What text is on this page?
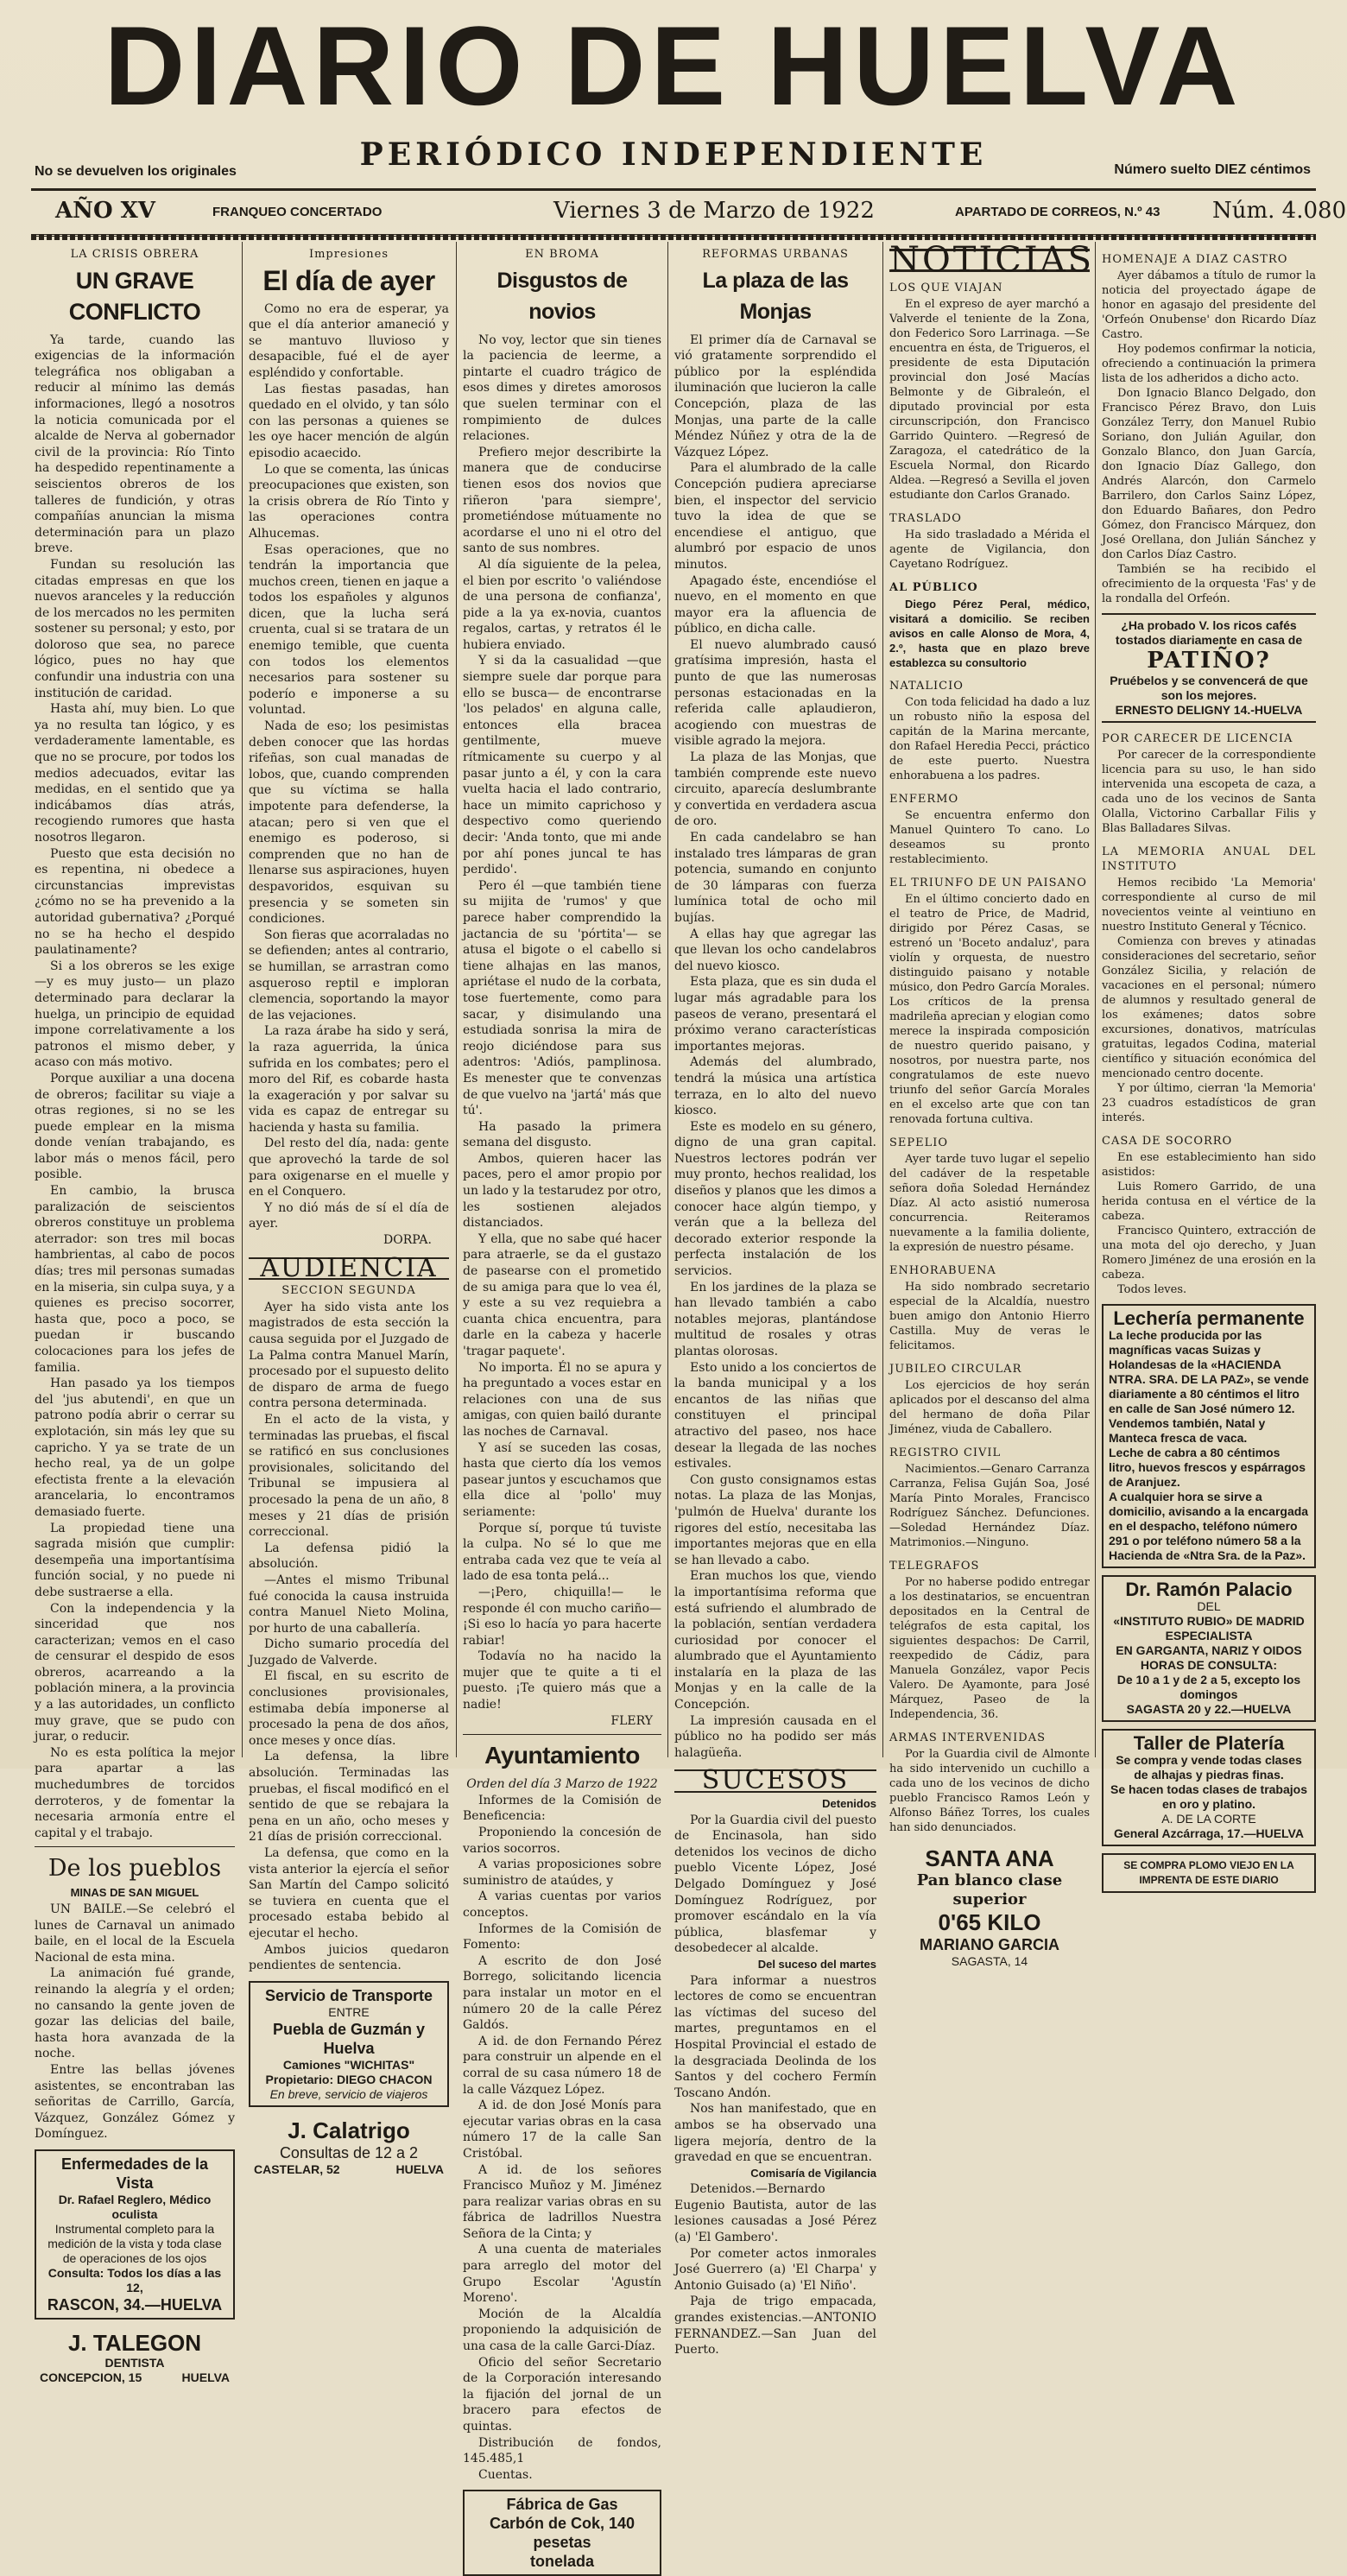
DIARIO DE HUELVA
PERIÓDICO INDEPENDIENTE
No se devuelven los originales	Número suelto DIEZ céntimos
AÑO XV	FRANQUEO CONCERTADO	Viernes 3 de Marzo de 1922	APARTADO DE CORREOS, N.º 43 Núm. 4.080
LA CRISIS OBRERA
UN GRAVE CONFLICTO

Ya tarde, cuando las exigencias de la información telegráfica nos obligaban a reducir al mínimo las demás informaciones, llegó a nosotros la noticia comunicada por el alcalde de Nerva al gobernador civil de la provincia: Río Tinto ha despedido repentinamente a seiscientos obreros de los talleres de fundición, y otras compañías anuncian la misma determinación para un plazo breve.

Fundan su resolución las citadas empresas en que los nuevos aranceles y la reducción de los mercados no les permiten sostener su personal; y esto, por doloroso que sea, no parece lógico, pues no hay que confundir una industria con una institución de caridad.

Hasta ahí, muy bien. Lo que ya no resulta tan lógico, y es verdaderamente lamentable, es que no se procure, por todos los medios adecuados, evitar las medidas, en el sentido que ya indicábamos días atrás, recogiendo rumores que hasta nosotros llegaron.

Puesto que esta decisión no es repentina, ni obedece a circunstancias imprevistas ¿cómo no se ha prevenido a la autoridad gubernativa? ¿Porqué no se ha hecho el despido paulatinamente?

Si a los obreros se les exige —y es muy justo— un plazo determinado para declarar la huelga, un principio de equidad impone correlativamente a los patronos el mismo deber, y acaso con más motivo.

Porque auxiliar a una docena de obreros; facilitar su viaje a otras regiones, si no se les puede emplear en la misma donde venían trabajando, es labor más o menos fácil, pero posible.

En cambio, la brusca paralización de seiscientos obreros constituye un problema aterrador: son tres mil bocas hambrientas, al cabo de pocos días; tres mil personas sumadas en la miseria, sin culpa suya, y a quienes es preciso socorrer, hasta que, poco a poco, se puedan ir buscando colocaciones para los jefes de familia.

Han pasado ya los tiempos del 'jus abutendi', en que un patrono podía abrir o cerrar su explotación, sin más ley que su capricho. Y ya se trate de un hecho real, ya de un golpe efectista frente a la elevación arancelaria, lo encontramos demasiado fuerte.

La propiedad tiene una sagrada misión que cumplir: desempeña una importantísima función social, y no puede ni debe sustraerse a ella.

Con la independencia y la sinceridad que nos caracterizan; vemos en el caso de censurar el despido de esos obreros, acarreando a la población minera, a la provincia y a las autoridades, un conflicto muy grave, que se pudo con jurar, o reducir.

No es esta política la mejor para apartar a las muchedumbres de torcidos derroteros, y de fomentar la necesaria armonía entre el capital y el trabajo.

De los pueblos
MINAS DE SAN MIGUEL

UN BAILE.—Se celebró el lunes de Carnaval un animado baile, en el local de la Escuela Nacional de esta mina.

La animación fué grande, reinando la alegría y el orden; no cansando la gente joven de gozar las delicias del baile, hasta hora avanzada de la noche.

Entre las bellas jóvenes asistentes, se encontraban las señoritas de Carrillo, García, Vázquez, González Gómez y Domínguez.

Enfermedades de la Vista
Dr. Rafael Reglero, Médico oculista
Instrumental completo para la medición de la vista y toda clase de operaciones de los ojos
Consulta: Todos los días a las 12,
RASCON, 34.—HUELVA
J. TALEGON
DENTISTA
CONCEPCION, 15	HUELVA
Impresiones
El día de ayer

Como no era de esperar, ya que el día anterior amaneció y se mantuvo lluvioso y desapacible, fué el de ayer espléndido y confortable.

Las fiestas pasadas, han quedado en el olvido, y tan sólo con las personas a quienes se les oye hacer mención de algún episodio acaecido.

Lo que se comenta, las únicas preocupaciones que existen, son la crisis obrera de Río Tinto y las operaciones contra Alhucemas.

Esas operaciones, que no tendrán la importancia que muchos creen, tienen en jaque a todos los españoles y algunos dicen, que la lucha será cruenta, cual si se tratara de un enemigo temible, que cuenta con todos los elementos necesarios para sostener su poderío e imponerse a su voluntad.

Nada de eso; los pesimistas deben conocer que las hordas rifeñas, son cual manadas de lobos, que, cuando comprenden que su víctima se halla impotente para defenderse, la atacan; pero si ven que el enemigo es poderoso, si comprenden que no han de llenarse sus aspiraciones, huyen despavoridos, esquivan su presencia y se someten sin condiciones.

Son fieras que acorraladas no se defienden; antes al contrario, se humillan, se arrastran como asqueroso reptil e imploran clemencia, soportando la mayor de las vejaciones.

La raza árabe ha sido y será, la raza aguerrida, la única sufrida en los combates; pero el moro del Rif, es cobarde hasta la exageración y por salvar su vida es capaz de entregar su hacienda y hasta su familia.

Del resto del día, nada: gente que aprovechó la tarde de sol para oxigenarse en el muelle y en el Conquero.

Y no dió más de sí el día de ayer.

DORPA.
AUDIENCIA
SECCION SEGUNDA

Ayer ha sido vista ante los magistrados de esta sección la causa seguida por el Juzgado de La Palma contra Manuel Marín, procesado por el supuesto delito de disparo de arma de fuego contra persona determinada.

En el acto de la vista, y terminadas las pruebas, el fiscal se ratificó en sus conclusiones provisionales, solicitando del Tribunal se impusiera al procesado la pena de un año, 8 meses y 21 días de prisión correccional.

La defensa pidió la absolución.

—Antes el mismo Tribunal fué conocida la causa instruida contra Manuel Nieto Molina, por hurto de una caballería.

Dicho sumario procedía del Juzgado de Valverde.

El fiscal, en su escrito de conclusiones provisionales, estimaba debía imponerse al procesado la pena de dos años, once meses y once días.

La defensa, la libre absolución. Terminadas las pruebas, el fiscal modificó en el sentido de que se rebajara la pena en un año, ocho meses y 21 días de prisión correccional.

La defensa, que como en la vista anterior la ejercía el señor San Martín del Campo solicitó se tuviera en cuenta que el procesado estaba bebido al ejecutar el hecho.

Ambos juicios quedaron pendientes de sentencia.

Servicio de Transporte
ENTRE
Puebla de Guzmán y Huelva
Camiones "WICHITAS"
Propietario: DIEGO CHACON
En breve, servicio de viajeros
J. Calatrigo
Consultas de 12 a 2
CASTELAR, 52	HUELVA
EN BROMA
Disgustos de novios

No voy, lector que sin tienes la paciencia de leerme, a pintarte el cuadro trágico de esos dimes y diretes amorosos que suelen terminar con el rompimiento de dulces relaciones.

Prefiero mejor describirte la manera que de conducirse tienen esos dos novios que riñeron 'para siempre', prometiéndose mútuamente no acordarse el uno ni el otro del santo de sus nombres.

Al día siguiente de la pelea, el bien por escrito 'o valiéndose de una persona de confianza', pide a la ya ex-novia, cuantos regalos, cartas, y retratos él le hubiera enviado.

Y si da la casualidad —que siempre suele dar porque para ello se busca— de encontrarse 'los pelados' en alguna calle, entonces ella bracea gentilmente, mueve rítmicamente su cuerpo y al pasar junto a él, y con la cara vuelta hacia el lado contrario, hace un mimito caprichoso y despectivo como queriendo decir: 'Anda tonto, que mi ande por ahí pones juncal te has perdido'.

Pero él —que también tiene su mijita de 'rumos' y que parece haber comprendido la jactancia de su 'pórtita'— se atusa el bigote o el cabello si tiene alhajas en las manos, apriétase el nudo de la corbata, tose fuertemente, como para sacar, y disimulando una estudiada sonrisa la mira de reojo diciéndose para sus adentros: 'Adiós, pamplinosa. Es menester que te convenzas de que vuelvo na 'jartá' más que tú'.

Ha pasado la primera semana del disgusto.

Ambos, quieren hacer las paces, pero el amor propio por un lado y la testarudez por otro, les sostienen alejados distanciados.

Y ella, que no sabe qué hacer para atraerle, se da el gustazo de pasearse con el prometido de su amiga para que lo vea él, y este a su vez requiebra a cuanta chica encuentra, para darle en la cabeza y hacerle 'tragar paquete'.

No importa. Él no se apura y ha preguntado a voces estar en relaciones con una de sus amigas, con quien bailó durante las noches de Carnaval.

Y así se suceden las cosas, hasta que cierto día los vemos pasear juntos y escuchamos que ella dice al 'pollo' muy seriamente:

Porque sí, porque tú tuviste la culpa. No sé lo que me entraba cada vez que te veía al lado de esa tonta pelá...

—¡Pero, chiquilla!— le responde él con mucho cariño—¡Si eso lo hacía yo para hacerte rabiar!

Todavía no ha nacido la mujer que te quite a ti el puesto. ¡Te quiero más que a nadie!

FLERY
Ayuntamiento
Orden del día 3 Marzo de 1922

Informes de la Comisión de Beneficencia:

Proponiendo la concesión de varios socorros.

A varias proposiciones sobre suministro de ataúdes, y

A varias cuentas por varios conceptos.

Informes de la Comisión de Fomento:

A escrito de don José Borrego, solicitando licencia para instalar un motor en el número 20 de la calle Pérez Galdós.

A id. de don Fernando Pérez para construir un alpende en el corral de su casa número 18 de la calle Vázquez López.

A id. de don José Monís para ejecutar varias obras en la casa número 17 de la calle San Cristóbal.

A id. de los señores Francisco Muñoz y M. Jiménez para realizar varias obras en su fábrica de ladrillos Nuestra Señora de la Cinta; y

A una cuenta de materiales para arreglo del motor del Grupo Escolar 'Agustín Moreno'.

Moción de la Alcaldía proponiendo la adquisición de una casa de la calle Garci-Díaz.

Oficio del señor Secretario de la Corporación interesando la fijación del jornal de un bracero para efectos de quintas.

Distribución de fondos, 145.485,1

Cuentas.

Fábrica de Gas
Carbón de Cok, 140 pesetas
tonelada
REFORMAS URBANAS
La plaza de las Monjas

El primer día de Carnaval se vió gratamente sorprendido el público por la espléndida iluminación que lucieron la calle Concepción, plaza de las Monjas, una parte de la calle Méndez Núñez y otra de la de Vázquez López.

Para el alumbrado de la calle Concepción pudiera apreciarse bien, el inspector del servicio tuvo la idea de que se encendiese el antiguo, que alumbró por espacio de unos minutos.

Apagado éste, encendióse el nuevo, en el momento en que mayor era la afluencia de público, en dicha calle.

El nuevo alumbrado causó gratísima impresión, hasta el punto de que las numerosas personas estacionadas en la referida calle aplaudieron, acogiendo con muestras de visible agrado la mejora.

La plaza de las Monjas, que también comprende este nuevo circuito, aparecía deslumbrante y convertida en verdadera ascua de oro.

En cada candelabro se han instalado tres lámparas de gran potencia, sumando en conjunto de 30 lámparas con fuerza lumínica total de ocho mil bujías.

A ellas hay que agregar las que llevan los ocho candelabros del nuevo kiosco.

Esta plaza, que es sin duda el lugar más agradable para los paseos de verano, presentará el próximo verano características importantes mejoras.

Además del alumbrado, tendrá la música una artística terraza, en lo alto del nuevo kiosco.

Este es modelo en su género, digno de una gran capital. Nuestros lectores podrán ver muy pronto, hechos realidad, los diseños y planos que les dimos a conocer hace algún tiempo, y verán que a la belleza del decorado exterior responde la perfecta instalación de los servicios.

En los jardines de la plaza se han llevado también a cabo notables mejoras, plantándose multitud de rosales y otras plantas olorosas.

Esto unido a los conciertos de la banda municipal y a los encantos de las niñas que constituyen el principal atractivo del paseo, nos hace desear la llegada de las noches estivales.

Con gusto consignamos estas notas. La plaza de las Monjas, 'pulmón de Huelva' durante los rigores del estío, necesitaba las importantes mejoras que en ella se han llevado a cabo.

Eran muchos los que, viendo la importantísima reforma que está sufriendo el alumbrado de la población, sentían verdadera curiosidad por conocer el alumbrado que el Ayuntamiento instalaría en la plaza de las Monjas y en la calle de la Concepción.

La impresión causada en el público no ha podido ser más halagüeña.

SUCESOS
Detenidos

Por la Guardia civil del puesto de Encinasola, han sido detenidos los vecinos de dicho pueblo Vicente López, José Delgado Domínguez y José Domínguez Rodríguez, por promover escándalo en la vía pública, blasfemar y desobedecer al alcalde.

Del suceso del martes

Para informar a nuestros lectores de como se encuentran las víctimas del suceso del martes, preguntamos en el Hospital Provincial el estado de la desgraciada Deolinda de los Santos y del cochero Fermín Toscano Andón.

Nos han manifestado, que en ambos se ha observado una ligera mejoría, dentro de la gravedad en que se encuentran.

Comisaría de Vigilancia

Detenidos.—Bernardo Eugenio Bautista, autor de las lesiones causadas a José Pérez (a) 'El Gambero'.

Por cometer actos inmorales José Guerrero (a) 'El Charpa' y Antonio Guisado (a) 'El Niño'.

Paja de trigo empacada, grandes existencias.—ANTONIO FERNANDEZ.—San Juan del Puerto.

NOTICIAS
LOS QUE VIAJAN

En el expreso de ayer marchó a Valverde el teniente de la Zona, don Federico Soro Larrinaga. —Se encuentra en ésta, de Trigueros, el presidente de esta Diputación provincial don José Macías Belmonte y de Gibraleón, el diputado provincial por esta circunscripción, don Francisco Garrido Quintero. —Regresó de Zaragoza, el catedrático de la Escuela Normal, don Ricardo Aldea. —Regresó a Sevilla el joven estudiante don Carlos Granado.

TRASLADO

Ha sido trasladado a Mérida el agente de Vigilancia, don Cayetano Rodríguez.

AL PÚBLICO

Diego Pérez Peral, médico, visitará a domicilio. Se reciben avisos en calle Alonso de Mora, 4, 2.º, hasta que en plazo breve establezca su consultorio

NATALICIO

Con toda felicidad ha dado a luz un robusto niño la esposa del capitán de la Marina mercante, don Rafael Heredia Pecci, práctico de este puerto. Nuestra enhorabuena a los padres.

ENFERMO

Se encuentra enfermo don Manuel Quintero To cano. Lo deseamos su pronto restablecimiento.

EL TRIUNFO DE UN PAISANO

En el último concierto dado en el teatro de Price, de Madrid, dirigido por Pérez Casas, se estrenó un 'Boceto andaluz', para violín y orquesta, de nuestro distinguido paisano y notable músico, don Pedro García Morales. Los críticos de la prensa madrileña aprecian y elogian como merece la inspirada composición de nuestro querido paisano, y nosotros, por nuestra parte, nos congratulamos de este nuevo triunfo del señor García Morales en el excelso arte que con tan renovada fortuna cultiva.

SEPELIO

Ayer tarde tuvo lugar el sepelio del cadáver de la respetable señora doña Soledad Hernández Díaz. Al acto asistió numerosa concurrencia. Reiteramos nuevamente a la familia doliente, la expresión de nuestro pésame.

ENHORABUENA

Ha sido nombrado secretario especial de la Alcaldía, nuestro buen amigo don Antonio Hierro Castilla. Muy de veras le felicitamos.

JUBILEO CIRCULAR

Los ejercicios de hoy serán aplicados por el descanso del alma del hermano de doña Pilar Jiménez, viuda de Caballero.

REGISTRO CIVIL

Nacimientos.—Genaro Carranza Carranza, Felisa Guján Soa, José María Pinto Morales, Francisco Rodríguez Sánchez. Defunciones.—Soledad Hernández Díaz. Matrimonios.—Ninguno.

TELEGRAFOS

Por no haberse podido entregar a los destinatarios, se encuentran depositados en la Central de telégrafos de esta capital, los siguientes despachos: De Carril, reexpedido de Cádiz, para Manuela González, vapor Pecis Valero. De Ayamonte, para José Márquez, Paseo de la Independencia, 36.

ARMAS INTERVENIDAS

Por la Guardia civil de Almonte ha sido intervenido un cuchillo a cada uno de los vecinos de dicho pueblo Francisco Ramos León y Alfonso Báñez Torres, los cuales han sido denunciados.

SANTA ANA
Pan blanco clase superior
0'65 KILO
MARIANO GARCIA
SAGASTA, 14
HOMENAJE A DIAZ CASTRO

Ayer dábamos a título de rumor la noticia del proyectado ágape de honor en agasajo del presidente del 'Orfeón Onubense' don Ricardo Díaz Castro.

Hoy podemos confirmar la noticia, ofreciendo a continuación la primera lista de los adheridos a dicho acto.

Don Ignacio Blanco Delgado, don Francisco Pérez Bravo, don Luis González Terry, don Manuel Rubio Soriano, don Julián Aguilar, don Gonzalo Blanco, don Juan García, don Ignacio Díaz Gallego, don Andrés Alarcón, don Carmelo Barrilero, don Carlos Sainz López, don Eduardo Bañares, don Pedro Gómez, don Francisco Márquez, don José Orellana, don Julián Sánchez y don Carlos Díaz Castro.

También se ha recibido el ofrecimiento de la orquesta 'Fas' y de la rondalla del Orfeón.

¿Ha probado V. los ricos cafés tostados diariamente en casa de
PATIÑO?
Pruébelos y se convencerá de que son los mejores.
ERNESTO DELIGNY 14.-HUELVA
POR CARECER DE LICENCIA

Por carecer de la correspondiente licencia para su uso, le han sido intervenida una escopeta de caza, a cada uno de los vecinos de Santa Olalla, Victorino Carballar Filis y Blas Balladares Silvas.

LA MEMORIA ANUAL DEL INSTITUTO

Hemos recibido 'La Memoria' correspondiente al curso de mil novecientos veinte al veintiuno en nuestro Instituto General y Técnico.

Comienza con breves y atinadas consideraciones del secretario, señor González Sicilia, y relación de vacaciones en el personal; número de alumnos y resultado general de los exámenes; datos sobre excursiones, donativos, matrículas gratuitas, legados Codina, material científico y situación económica del mencionado centro docente.

Y por último, cierran 'la Memoria' 23 cuadros estadísticos de gran interés.

CASA DE SOCORRO

En ese establecimiento han sido asistidos:

Luis Romero Garrido, de una herida contusa en el vértice de la cabeza.

Francisco Quintero, extracción de una mota del ojo derecho, y Juan Romero Jiménez de una erosión en la cabeza.

Todos leves.

Lechería permanente
La leche producida por las magníficas vacas Suizas y Holandesas de la «HACIENDA NTRA. SRA. DE LA PAZ», se vende diariamente a 80 céntimos el litro en calle de San José número 12.
Vendemos también, Natal y Manteca fresca de vaca.
Leche de cabra a 80 céntimos litro, huevos frescos y espárragos de Aranjuez.
A cualquier hora se sirve a domicilio, avisando a la encargada en el despacho, teléfono número 291 o por teléfono número 58 a la Hacienda de «Ntra Sra. de la Paz».
Dr. Ramón Palacio
DEL
«INSTITUTO RUBIO» DE MADRID
ESPECIALISTA
EN GARGANTA, NARIZ Y OIDOS
HORAS DE CONSULTA:
De 10 a 1 y de 2 a 5, excepto los domingos
SAGASTA 20 y 22.—HUELVA
Taller de Platería
Se compra y vende todas clases de alhajas y piedras finas.
Se hacen todas clases de trabajos en oro y platino.
A. DE LA CORTE
General Azcárraga, 17.—HUELVA
SE COMPRA PLOMO VIEJO EN LA IMPRENTA DE ESTE DIARIO
